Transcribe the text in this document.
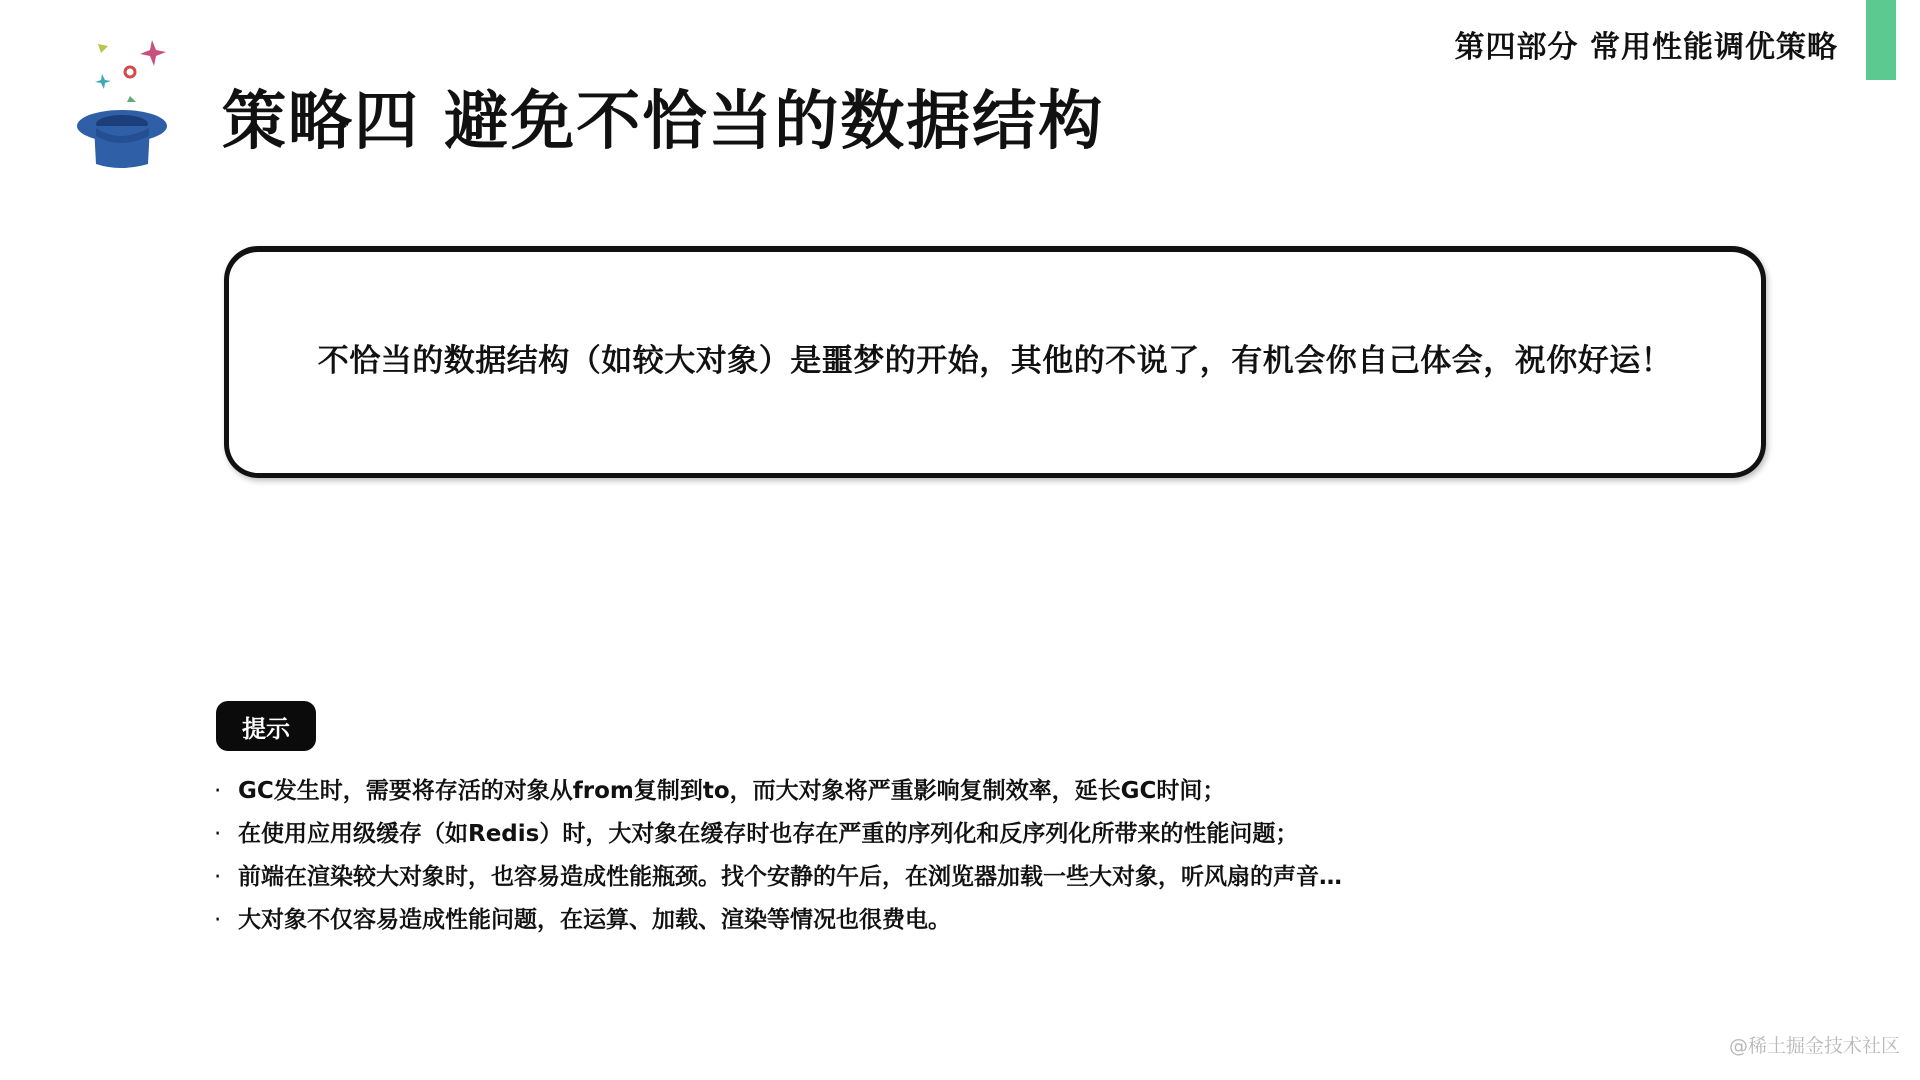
第四部分 常用性能调优策略
策略四 避免不恰当的数据结构
不恰当的数据结构（如较大对象）是噩梦的开始，其他的不说了，有机会你自己体会，祝你好运！
提示
· GC发生时，需要将存活的对象从from复制到to，而大对象将严重影响复制效率，延长GC时间；
· 在使用应用级缓存（如Redis）时，大对象在缓存时也存在严重的序列化和反序列化所带来的性能问题；
· 前端在渲染较大对象时，也容易造成性能瓶颈。找个安静的午后，在浏览器加载一些大对象，听风扇的声音…
· 大对象不仅容易造成性能问题，在运算、加载、渲染等情况也很费电。
@稀土掘金技术社区
